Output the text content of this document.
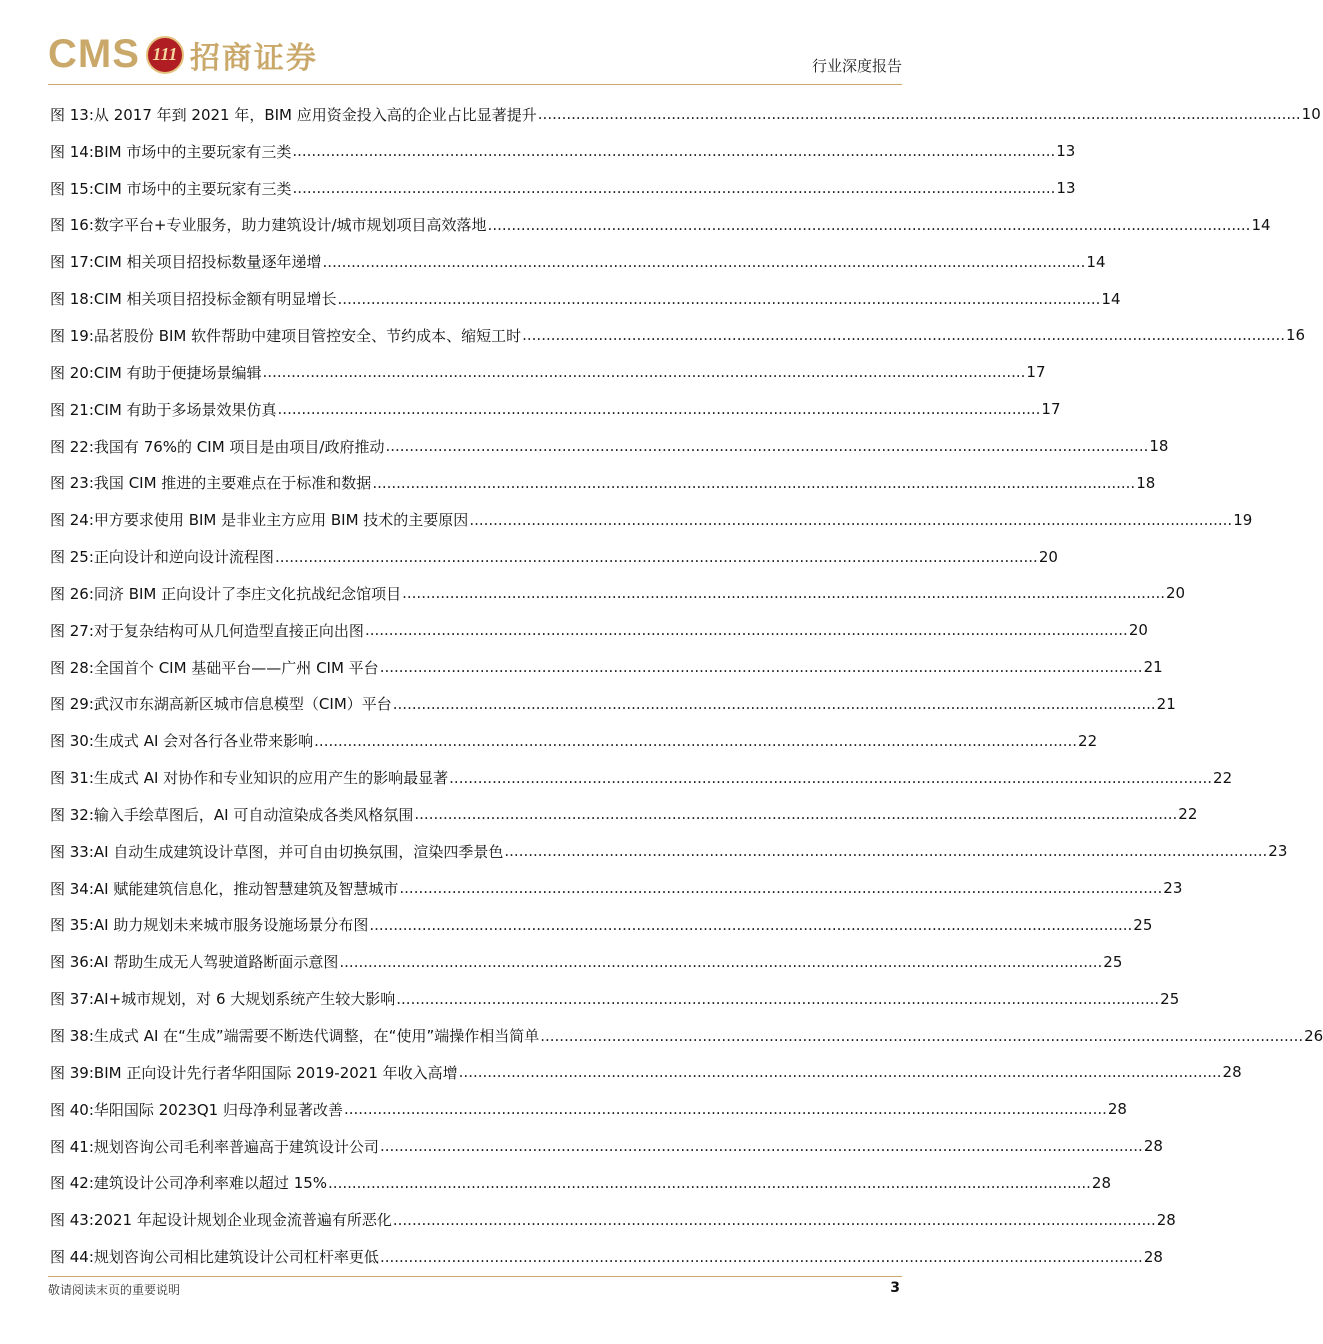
CMS 111 招商证券	行业深度报告
图 13: 从 2017 年到 2021 年，BIM 应用资金投入高的企业占比显著提升 .....	10
图 14: BIM 市场中的主要玩家有三类 .....	13
图 15: CIM 市场中的主要玩家有三类 .....	13
图 16: 数字平台+专业服务，助力建筑设计/城市规划项目高效落地 .....	14
图 17: CIM 相关项目招投标数量逐年递增 .....	14
图 18: CIM 相关项目招投标金额有明显增长 .....	14
图 19: 品茗股份 BIM 软件帮助中建项目管控安全、节约成本、缩短工时 .....	16
图 20: CIM 有助于便捷场景编辑 .....	17
图 21: CIM 有助于多场景效果仿真 .....	17
图 22: 我国有 76%的 CIM 项目是由项目/政府推动 .....	18
图 23: 我国 CIM 推进的主要难点在于标准和数据 .....	18
图 24: 甲方要求使用 BIM 是非业主方应用 BIM 技术的主要原因 .....	19
图 25: 正向设计和逆向设计流程图 .....	20
图 26: 同济 BIM 正向设计了李庄文化抗战纪念馆项目 .....	20
图 27: 对于复杂结构可从几何造型直接正向出图 .....	20
图 28: 全国首个 CIM 基础平台——广州 CIM 平台 .....	21
图 29: 武汉市东湖高新区城市信息模型（CIM）平台 .....	21
图 30: 生成式 AI 会对各行各业带来影响 .....	22
图 31: 生成式 AI 对协作和专业知识的应用产生的影响最显著 .....	22
图 32: 输入手绘草图后，AI 可自动渲染成各类风格氛围 .....	22
图 33: AI 自动生成建筑设计草图，并可自由切换氛围，渲染四季景色 .....	23
图 34: AI 赋能建筑信息化，推动智慧建筑及智慧城市 .....	23
图 35: AI 助力规划未来城市服务设施场景分布图 .....	25
图 36: AI 帮助生成无人驾驶道路断面示意图 .....	25
图 37: AI+城市规划，对 6 大规划系统产生较大影响 .....	25
图 38: 生成式 AI 在“生成”端需要不断迭代调整，在“使用”端操作相当简单 .....	26
图 39: BIM 正向设计先行者华阳国际 2019-2021 年收入高增 .....	28
图 40: 华阳国际 2023Q1 归母净利显著改善 .....	28
图 41: 规划咨询公司毛利率普遍高于建筑设计公司 .....	28
图 42: 建筑设计公司净利率难以超过 15% .....	28
图 43: 2021 年起设计规划企业现金流普遍有所恶化 .....	28
图 44: 规划咨询公司相比建筑设计公司杠杆率更低 .....	28
敬请阅读末页的重要说明	3
